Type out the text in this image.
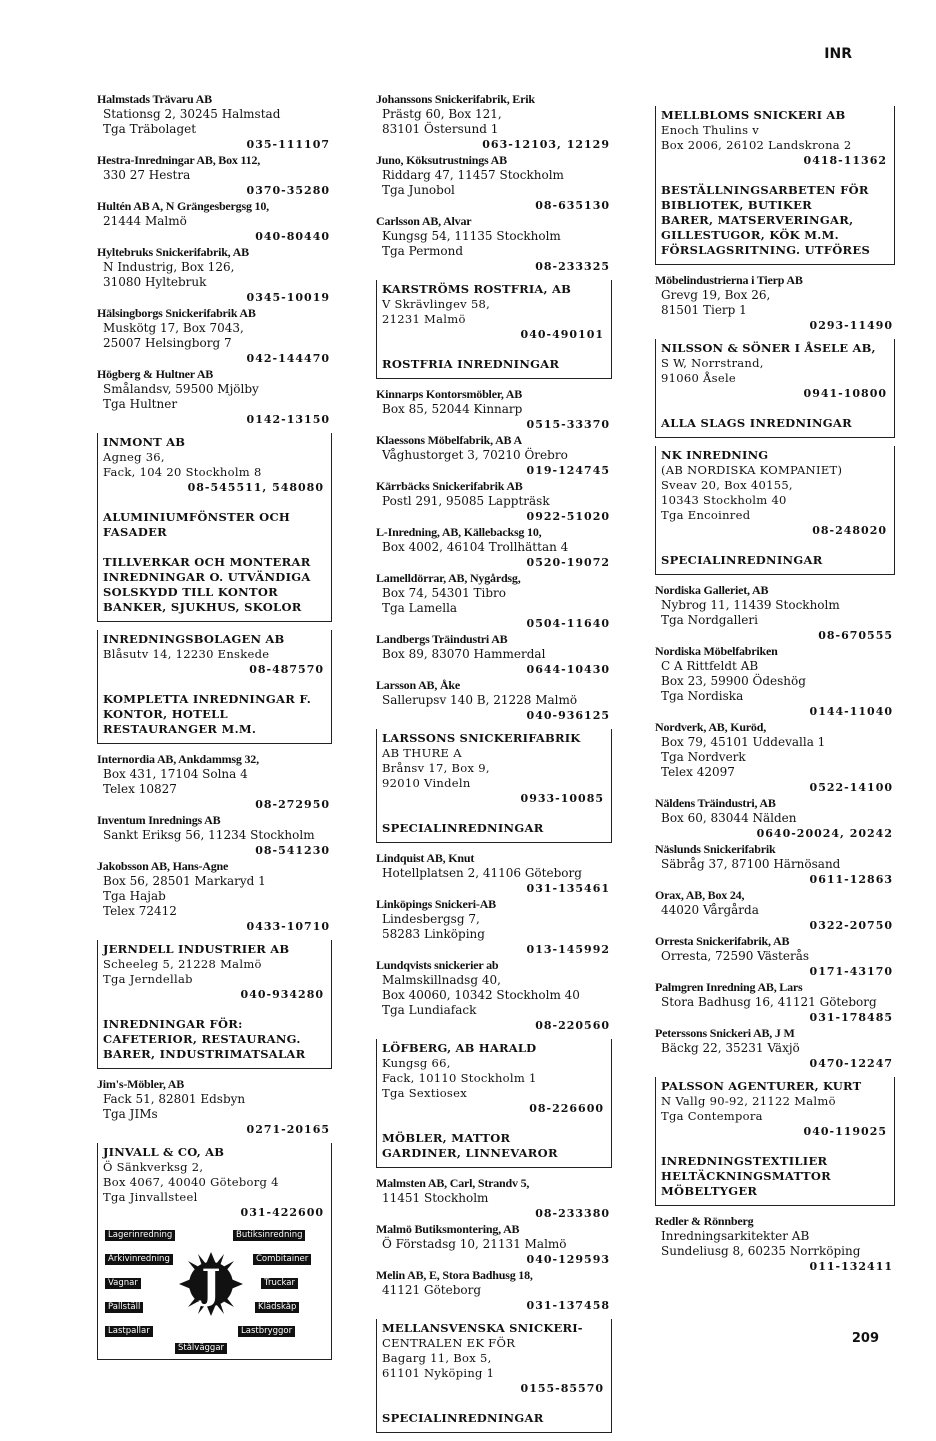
INR
Halmstads Trävaru AB
Stationsg 2, 30245 Halmstad
Tga Träbolaget
035-111107
Hestra-Inredningar AB, Box 112,
330 27 Hestra
0370-35280
Hultén AB A, N Grängesbergsg 10,
21444 Malmö
040-80440
Hyltebruks Snickerifabrik, AB
N Industrig, Box 126,
31080 Hyltebruk
0345-10019
Hälsingborgs Snickerifabrik AB
Muskötg 17, Box 7043,
25007 Helsingborg 7
042-144470
Högberg & Hultner AB
Smålandsv, 59500 Mjölby
Tga Hultner
0142-13150
INMONT AB
Agneg 36,
Fack, 104 20 Stockholm 8
08-545511, 548080
ALUMINIUMFÖNSTER OCH
FASADER
TILLVERKAR OCH MONTERAR
INREDNINGAR O. UTVÄNDIGA
SOLSKYDD TILL KONTOR
BANKER, SJUKHUS, SKOLOR
INREDNINGSBOLAGEN AB
Blåsutv 14, 12230 Enskede
08-487570
KOMPLETTA INREDNINGAR F.
KONTOR, HOTELL
RESTAURANGER M.M.
Internordia AB, Ankdammsg 32,
Box 431, 17104 Solna 4
Telex 10827
08-272950
Inventum Inrednings AB
Sankt Eriksg 56, 11234 Stockholm
08-541230
Jakobsson AB, Hans-Agne
Box 56, 28501 Markaryd 1
Tga Hajab
Telex 72412
0433-10710
JERNDELL INDUSTRIER AB
Scheeleg 5, 21228 Malmö
Tga Jerndellab
040-934280
INREDNINGAR FÖR:
CAFETERIOR, RESTAURANG.
BARER, INDUSTRIMATSALAR
Jim's-Möbler, AB
Fack 51, 82801 Edsbyn
Tga JIMs
0271-20165
JINVALL & CO, AB
Ö Sänkverksg 2,
Box 4067, 40040 Göteborg 4
Tga Jinvallsteel
031-422600
J
Lagerinredning	Butiksinredning
Arkivinredning	Combitainer
Vagnar	Truckar
Pallställ	Klädskåp
Lastpallar	Lastbryggor
Stålväggar
Johanssons Snickerifabrik, Erik
Prästg 60, Box 121,
83101 Östersund 1
063-12103, 12129
Juno, Köksutrustnings AB
Riddarg 47, 11457 Stockholm
Tga Junobol
08-635130
Carlsson AB, Alvar
Kungsg 54, 11135 Stockholm
Tga Permond
08-233325
KARSTRÖMS ROSTFRIA, AB
V Skrävlingev 58,
21231 Malmö
040-490101
ROSTFRIA INREDNINGAR
Kinnarps Kontorsmöbler, AB
Box 85, 52044 Kinnarp
0515-33370
Klaessons Möbelfabrik, AB A
Våghustorget 3, 70210 Örebro
019-124745
Kärrbäcks Snickerifabrik AB
Postl 291, 95085 Lappträsk
0922-51020
L-Inredning, AB, Källebacksg 10,
Box 4002, 46104 Trollhättan 4
0520-19072
Lamelldörrar, AB, Nygårdsg,
Box 74, 54301 Tibro
Tga Lamella
0504-11640
Landbergs Träindustri AB
Box 89, 83070 Hammerdal
0644-10430
Larsson AB, Åke
Sallerupsv 140 B, 21228 Malmö
040-936125
LARSSONS SNICKERIFABRIK
AB THURE A
Brånsv 17, Box 9,
92010 Vindeln
0933-10085
SPECIALINREDNINGAR
Lindquist AB, Knut
Hotellplatsen 2, 41106 Göteborg
031-135461
Linköpings Snickeri-AB
Lindesbergsg 7,
58283 Linköping
013-145992
Lundqvists snickerier ab
Malmskillnadsg 40,
Box 40060, 10342 Stockholm 40
Tga Lundiafack
08-220560
LÖFBERG, AB HARALD
Kungsg 66,
Fack, 10110 Stockholm 1
Tga Sextiosex
08-226600
MÖBLER, MATTOR
GARDINER, LINNEVAROR
Malmsten AB, Carl, Strandv 5,
11451 Stockholm
08-233380
Malmö Butiksmontering, AB
Ö Förstadsg 10, 21131 Malmö
040-129593
Melin AB, E, Stora Badhusg 18,
41121 Göteborg
031-137458
MELLANSVENSKA SNICKERI-
CENTRALEN EK FÖR
Bagarg 11, Box 5,
61101 Nyköping 1
0155-85570
SPECIALINREDNINGAR
MELLBLOMS SNICKERI AB
Enoch Thulins v
Box 2006, 26102 Landskrona 2
0418-11362
BESTÄLLNINGSARBETEN FÖR
BIBLIOTEK, BUTIKER
BARER, MATSERVERINGAR,
GILLESTUGOR, KÖK M.M.
FÖRSLAGSRITNING. UTFÖRES
Möbelindustrierna i Tierp AB
Grevg 19, Box 26,
81501 Tierp 1
0293-11490
NILSSON & SÖNER I ÅSELE AB,
S W, Norrstrand,
91060 Åsele
0941-10800
ALLA SLAGS INREDNINGAR
NK INREDNING
(AB NORDISKA KOMPANIET)
Sveav 20, Box 40155,
10343 Stockholm 40
Tga Encoinred
08-248020
SPECIALINREDNINGAR
Nordiska Galleriet, AB
Nybrog 11, 11439 Stockholm
Tga Nordgalleri
08-670555
Nordiska Möbelfabriken
C A Rittfeldt AB
Box 23, 59900 Ödeshög
Tga Nordiska
0144-11040
Nordverk, AB, Kuröd,
Box 79, 45101 Uddevalla 1
Tga Nordverk
Telex 42097
0522-14100
Näldens Träindustri, AB
Box 60, 83044 Nälden
0640-20024, 20242
Näslunds Snickerifabrik
Säbråg 37, 87100 Härnösand
0611-12863
Orax, AB, Box 24,
44020 Vårgårda
0322-20750
Orresta Snickerifabrik, AB
Orresta, 72590 Västerås
0171-43170
Palmgren Inredning AB, Lars
Stora Badhusg 16, 41121 Göteborg
031-178485
Peterssons Snickeri AB, J M
Bäckg 22, 35231 Växjö
0470-12247
PALSSON AGENTURER, KURT
N Vallg 90-92, 21122 Malmö
Tga Contempora
040-119025
INREDNINGSTEXTILIER
HELTÄCKNINGSMATTOR
MÖBELTYGER
Redler & Rönnberg
Inredningsarkitekter AB
Sundeliusg 8, 60235 Norrköping
011-132411
209
